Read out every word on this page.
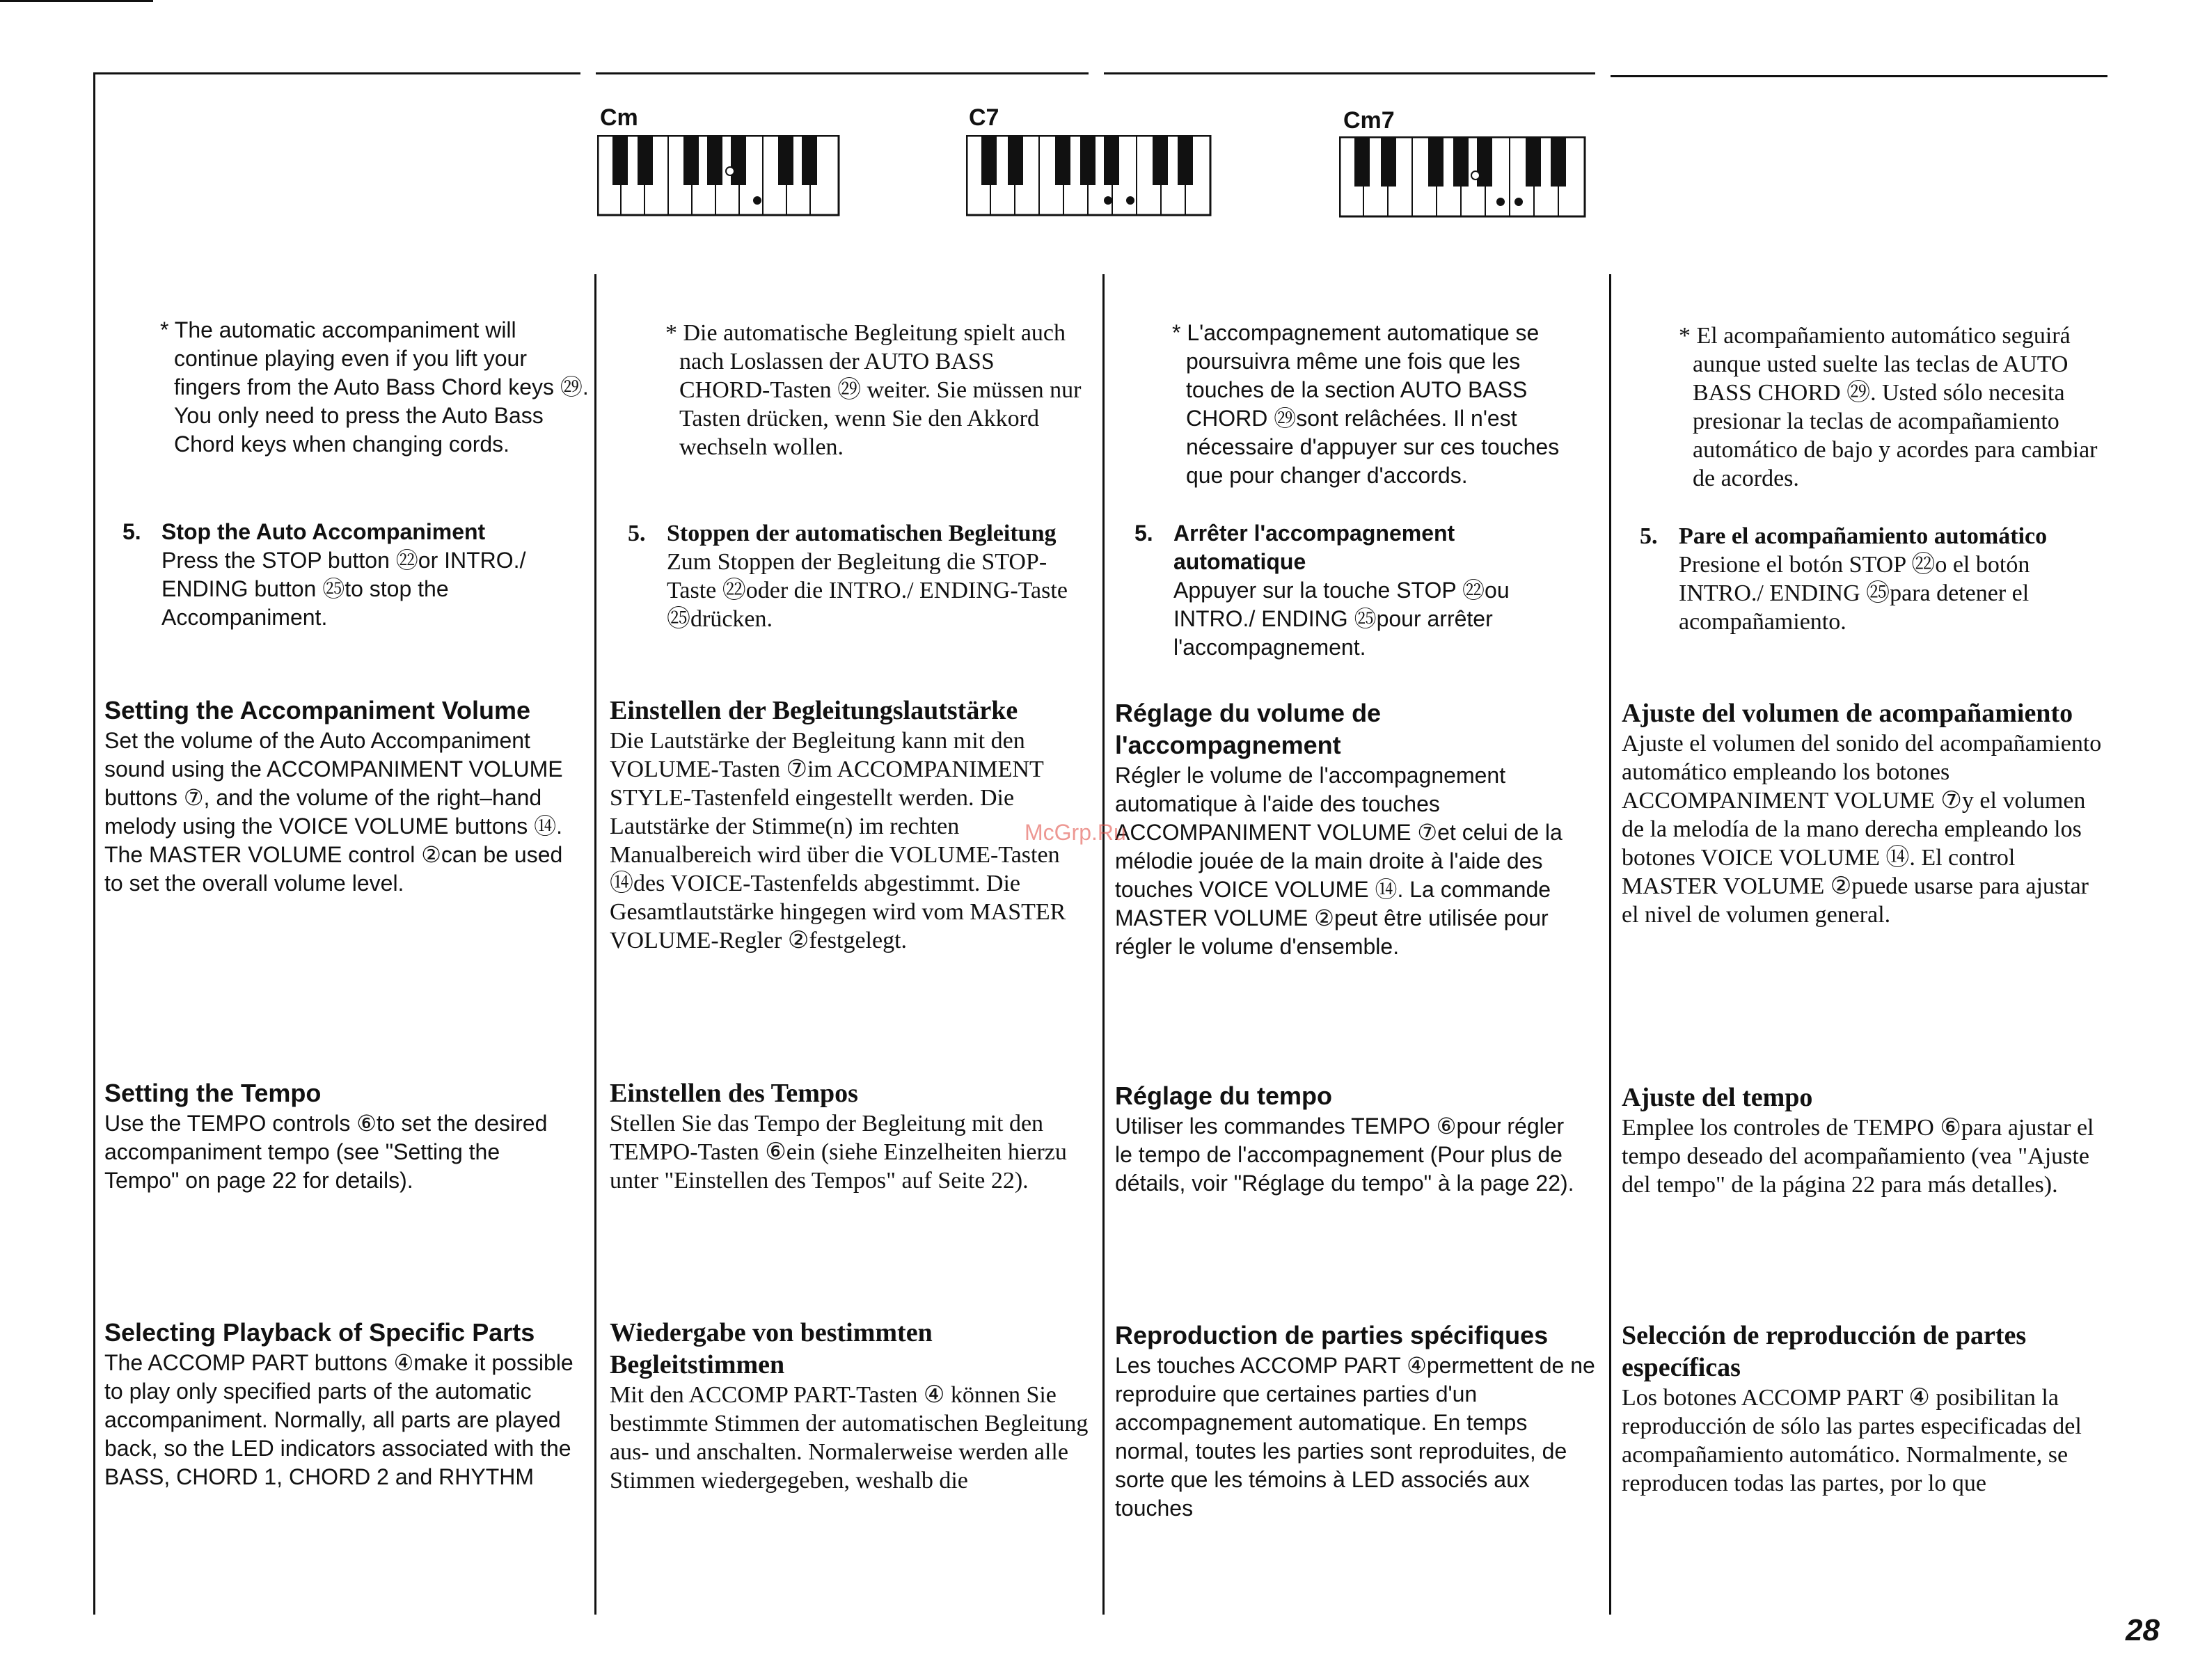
Cm	C7	Cm7
* The automatic accompaniment will continue playing even if you lift your fingers from the Auto Bass Chord keys ㉙. You only need to press the Auto Bass Chord keys when changing cords.
5. Stop the Auto Accompaniment
Press the STOP button ㉒or INTRO./ ENDING button ㉕to stop the Accompaniment.
Setting the Accompaniment Volume
Set the volume of the Auto Accompaniment sound using the ACCOMPANIMENT VOLUME buttons ⑦, and the volume of the right–hand melody using the VOICE VOLUME buttons ⑭. The MASTER VOLUME control ②can be used to set the overall volume level.
Setting the Tempo
Use the TEMPO controls ⑥to set the desired accompaniment tempo (see "Setting the Tempo" on page 22 for details).
Selecting Playback of Specific Parts
The ACCOMP PART buttons ④make it possible to play only specified parts of the automatic accompaniment. Normally, all parts are played back, so the LED indicators associated with the BASS, CHORD 1, CHORD 2 and RHYTHM
* Die automatische Begleitung spielt auch nach Loslassen der AUTO BASS CHORD-Tasten ㉙ weiter. Sie müssen nur Tasten drücken, wenn Sie den Akkord wechseln wollen.
5. Stoppen der automatischen Begleitung
Zum Stoppen der Begleitung die STOP-Taste ㉒oder die INTRO./ ENDING-Taste ㉕drücken.
Einstellen der Begleitungslautstärke
Die Lautstärke der Begleitung kann mit den VOLUME-Tasten ⑦im ACCOMPANIMENT STYLE-Tastenfeld eingestellt werden. Die Lautstärke der Stimme(n) im rechten Manualbereich wird über die VOLUME-Tasten ⑭des VOICE-Tastenfelds abgestimmt. Die Gesamtlautstärke hingegen wird vom MASTER VOLUME-Regler ②festgelegt.
Einstellen des Tempos
Stellen Sie das Tempo der Begleitung mit den TEMPO-Tasten ⑥ein (siehe Einzelheiten hierzu unter "Einstellen des Tempos" auf Seite 22).
Wiedergabe von bestimmten Begleitstimmen
Mit den ACCOMP PART-Tasten ④ können Sie bestimmte Stimmen der automatischen Begleitung aus- und anschalten. Normalerweise werden alle Stimmen wiedergegeben, weshalb die
* L'accompagnement automatique se poursuivra même une fois que les touches de la section AUTO BASS CHORD ㉙sont relâchées. Il n'est nécessaire d'appuyer sur ces touches que pour changer d'accords.
5. Arrêter l'accompagnement automatique
Appuyer sur la touche STOP ㉒ou INTRO./ ENDING ㉕pour arrêter l'accompagnement.
Réglage du volume de l'accompagnement
Régler le volume de l'accompagnement automatique à l'aide des touches ACCOMPANIMENT VOLUME ⑦et celui de la mélodie jouée de la main droite à l'aide des touches VOICE VOLUME ⑭. La commande MASTER VOLUME ②peut être utilisée pour régler le volume d'ensemble.
Réglage du tempo
Utiliser les commandes TEMPO ⑥pour régler le tempo de l'accompagnement (Pour plus de détails, voir "Réglage du tempo" à la page 22).
Reproduction de parties spécifiques
Les touches ACCOMP PART ④permettent de ne reproduire que certaines parties d'un accompagnement automatique. En temps normal, toutes les parties sont reproduites, de sorte que les témoins à LED associés aux touches
* El acompañamiento automático seguirá aunque usted suelte las teclas de AUTO BASS CHORD ㉙. Usted sólo necesita presionar la teclas de acompañamiento automático de bajo y acordes para cambiar de acordes.
5. Pare el acompañamiento automático
Presione el botón STOP ㉒o el botón INTRO./ ENDING ㉕para detener el acompañamiento.
Ajuste del volumen de acompañamiento
Ajuste el volumen del sonido del acompañamiento automático empleando los botones ACCOMPANIMENT VOLUME ⑦y el volumen de la melodía de la mano derecha empleando los botones VOICE VOLUME ⑭. El control MASTER VOLUME ②puede usarse para ajustar el nivel de volumen general.
Ajuste del tempo
Emplee los controles de TEMPO ⑥para ajustar el tempo deseado del acompañamiento (vea "Ajuste del tempo" de la página 22 para más detalles).
Selección de reproducción de partes específicas
Los botones ACCOMP PART ④ posibilitan la reproducción de sólo las partes especificadas del acompañamiento automático. Normalmente, se reproducen todas las partes, por lo que
McGrp.Ru
28
